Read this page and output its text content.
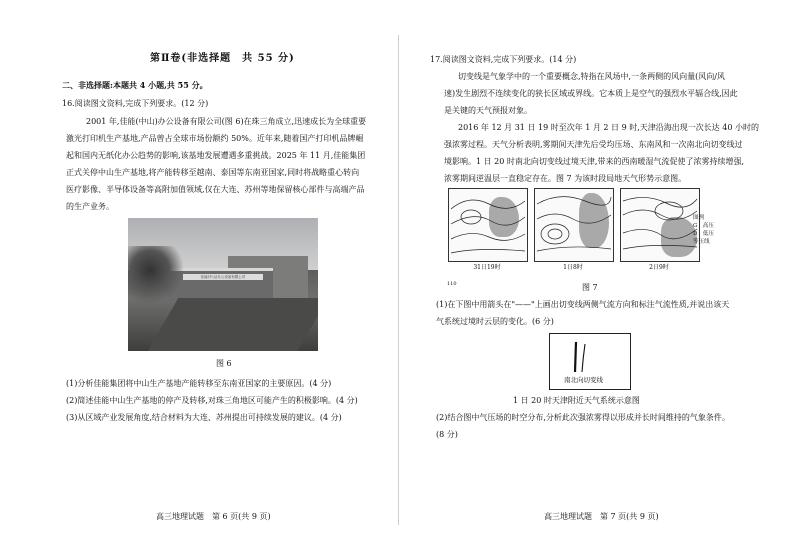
第Ⅱ卷(非选择题　共 55 分)
二、非选择题:本题共 4 小题,共 55 分。
16.阅读图文资料,完成下列要求。(12 分)
2001 年,佳能(中山)办公设备有限公司(图 6)在珠三角成立,迅速成长为全球重要
激光打印机生产基地,产品曾占全球市场份额约 50%。近年来,随着国产打印机品牌崛
起和国内无纸化办公趋势的影响,该基地发展遭遇多重挑战。2025 年 11 月,佳能集团
正式关停中山生产基地,将产能转移至越南、泰国等东南亚国家,同时将战略重心转向
医疗影像、半导体设备等高附加值领域,仅在大连、苏州等地保留核心部件与高端产品
的生产业务。
佳能(中山)办公设备有限公司
图 6
(1)分析佳能集团将中山生产基地产能转移至东南亚国家的主要原因。(4 分)
(2)简述佳能中山生产基地的停产及转移,对珠三角地区可能产生的积极影响。(4 分)
(3)从区域产业发展角度,结合材料为大连、苏州提出可持续发展的建议。(4 分)
高三地理试题　第 6 页(共 9 页)
17.阅读图文资料,完成下列要求。(14 分)
切变线是气象学中的一个重要概念,特指在风场中,一条两侧的风向量(风向/风
速)发生剧烈不连续变化的狭长区域或界线。它本质上是空气的强烈水平辐合线,因此
是关键的天气预报对象。
2016 年 12 月 31 日 19 时至次年 1 月 2 日 9 时,天津沿海出现一次长达 40 小时的
强浓雾过程。天气分析表明,雾期间天津先后受均压场、东南风和一次南北向切变线过
境影响。1 日 20 时南北向切变线过境天津,带来的西南暖湿气流促使了浓雾持续增强,
浓雾期间逆温层一直稳定存在。图 7 为该时段局地天气形势示意图。
31日19时	1日8时	2日9时
图例
G　高压
D　低压
等压线
图 7
(1)在下图中用箭头在"——"上画出切变线两侧气流方向和标注气流性质,并说出该天
气系统过境时云层的变化。(6 分)
南北向切变线
1 日 20 时天津附近天气系统示意图
(2)结合图中气压场的时空分布,分析此次强浓雾得以形成并长时间维持的气象条件。
(8 分)
高三地理试题　第 7 页(共 9 页)
110
